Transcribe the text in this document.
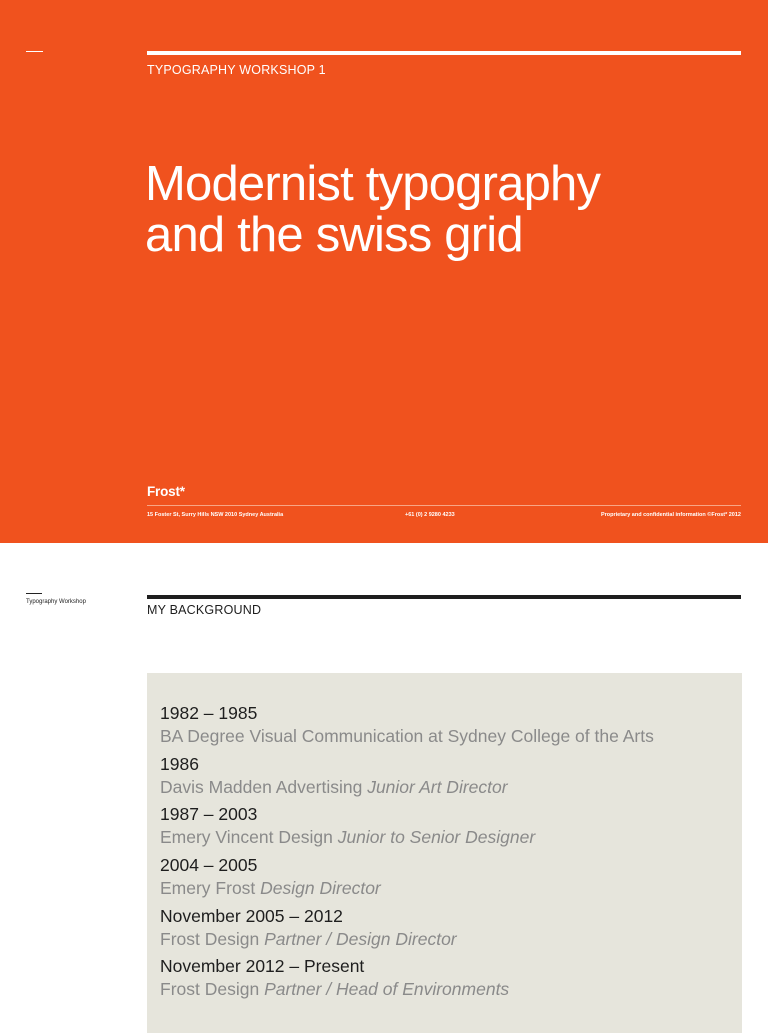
TYPOGRAPHY WORKSHOP 1
Modernist typography
and the swiss grid
Frost*
15 Foster St, Surry Hills NSW 2010 Sydney Australia	+61 (0) 2 9280 4233	Proprietary and confidential information ©Frost* 2012
Typography Workshop
MY BACKGROUND
1982 – 1985
BA Degree Visual Communication at Sydney College of the Arts
1986
Davis Madden Advertising Junior Art Director
1987 – 2003
Emery Vincent Design Junior to Senior Designer
2004 – 2005
Emery Frost Design Director
November 2005 – 2012
Frost Design Partner / Design Director
November 2012 – Present
Frost Design Partner / Head of Environments
